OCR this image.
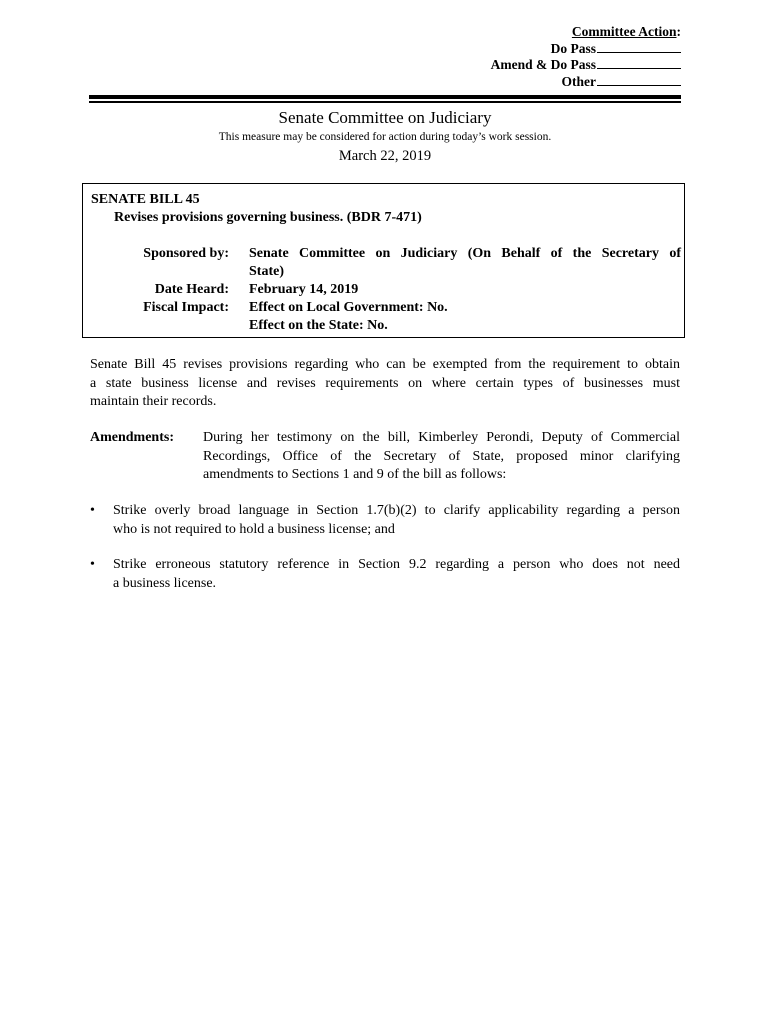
Committee Action:
Do Pass
Amend & Do Pass
Other
Senate Committee on Judiciary
This measure may be considered for action during today’s work session.
March 22, 2019
SENATE BILL 45
Revises provisions governing business. (BDR 7-471)
Sponsored by: Senate Committee on Judiciary (On Behalf of the Secretary of
State)
Date Heard: February 14, 2019
Fiscal Impact: Effect on Local Government: No.
Effect on the State: No.
Senate Bill 45 revises provisions regarding who can be exempted from the requirement to obtain
a state business license and revises requirements on where certain types of businesses must
maintain their records.
Amendments: During her testimony on the bill, Kimberley Perondi, Deputy of Commercial
Recordings, Office of the Secretary of State, proposed minor clarifying
amendments to Sections 1 and 9 of the bill as follows:
•	Strike overly broad language in Section 1.7(b)(2) to clarify applicability regarding a person
who is not required to hold a business license; and
•	Strike erroneous statutory reference in Section 9.2 regarding a person who does not need
a business license.
